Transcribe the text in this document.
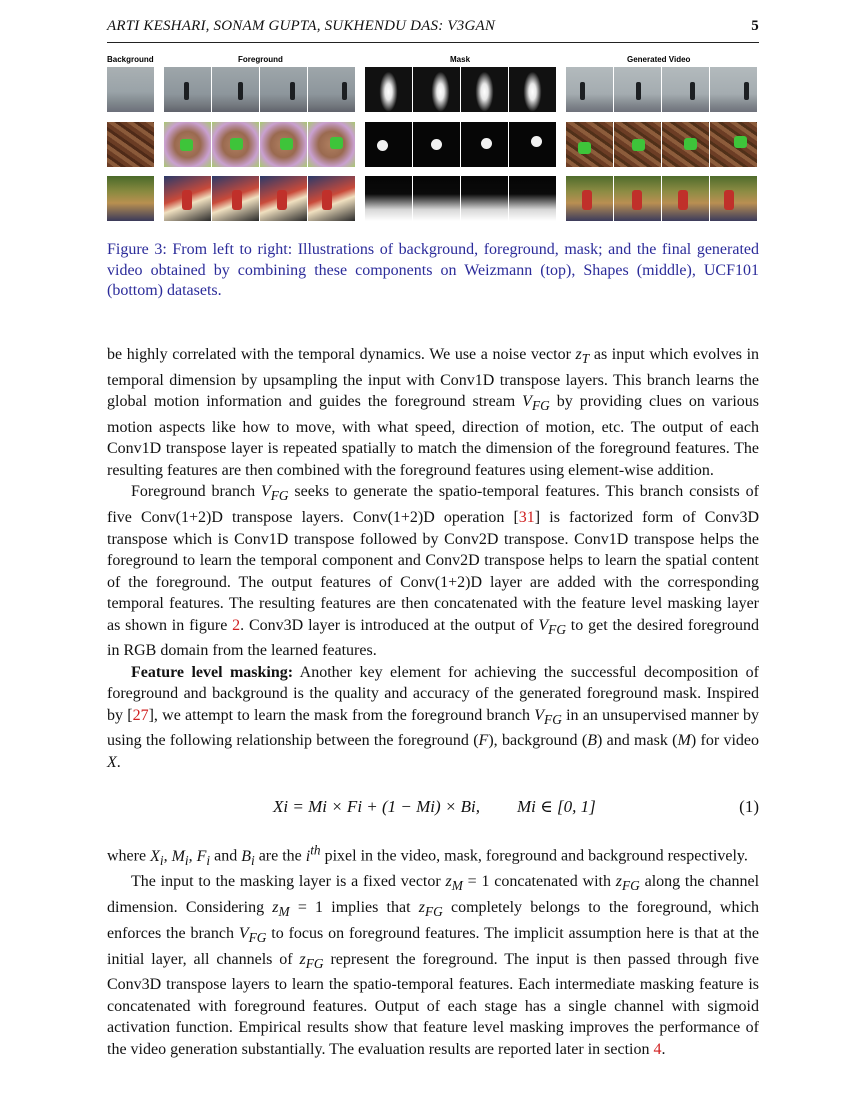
ARTI KESHARI, SONAM GUPTA, SUKHENDU DAS: V3GAN	5
Background	Foreground	Mask	Generated Video
Figure 3: From left to right: Illustrations of background, foreground, mask; and the final generated video obtained by combining these components on Weizmann (top), Shapes (middle), UCF101 (bottom) datasets.

be highly correlated with the temporal dynamics. We use a noise vector $z_T$ as input which evolves in temporal dimension by upsampling the input with Conv1D transpose layers. This branch learns the global motion information and guides the foreground stream $V_{FG}$ by providing clues on various motion aspects like how to move, with what speed, direction of motion, etc. The output of each Conv1D transpose layer is repeated spatially to match the dimension of the foreground features. The resulting features are then combined with the foreground features using element-wise addition.

Foreground branch $V_{FG}$ seeks to generate the spatio-temporal features. This branch consists of five Conv(1+2)D transpose layers. Conv(1+2)D operation [31] is factorized form of Conv3D transpose which is Conv1D transpose followed by Conv2D transpose. Conv1D transpose helps the foreground to learn the temporal component and Conv2D transpose helps to learn the spatial content of the foreground. The output features of Conv(1+2)D layer are added with the corresponding temporal features. The resulting features are then concatenated with the feature level masking layer as shown in figure 2. Conv3D layer is introduced at the output of $V_{FG}$ to get the desired foreground in RGB domain from the learned features.

Feature level masking: Another key element for achieving the successful decomposition of foreground and background is the quality and accuracy of the generated foreground mask. Inspired by [27], we attempt to learn the mask from the foreground branch $V_{FG}$ in an unsupervised manner by using the following relationship between the foreground (F), background (B) and mask (M) for video X.

Xi = Mi × Fi + (1 − Mi) × Bi, Mi ∈ [0, 1]	(1)

where $X_i$, $M_i$, $F_i$ and $B_i$ are the $i^{th}$ pixel in the video, mask, foreground and background respectively.

The input to the masking layer is a fixed vector $z_M = 1$ concatenated with $z_{FG}$ along the channel dimension. Considering $z_M = 1$ implies that $z_{FG}$ completely belongs to the foreground, which enforces the branch $V_{FG}$ to focus on foreground features. The implicit assumption here is that at the initial layer, all channels of $z_{FG}$ represent the foreground. The input is then passed through five Conv3D transpose layers to learn the spatio-temporal features. Each intermediate masking feature is concatenated with foreground features. Output of each stage has a single channel with sigmoid activation function. Empirical results show that feature level masking improves the performance of the video generation substantially. The evaluation results are reported later in section 4.
